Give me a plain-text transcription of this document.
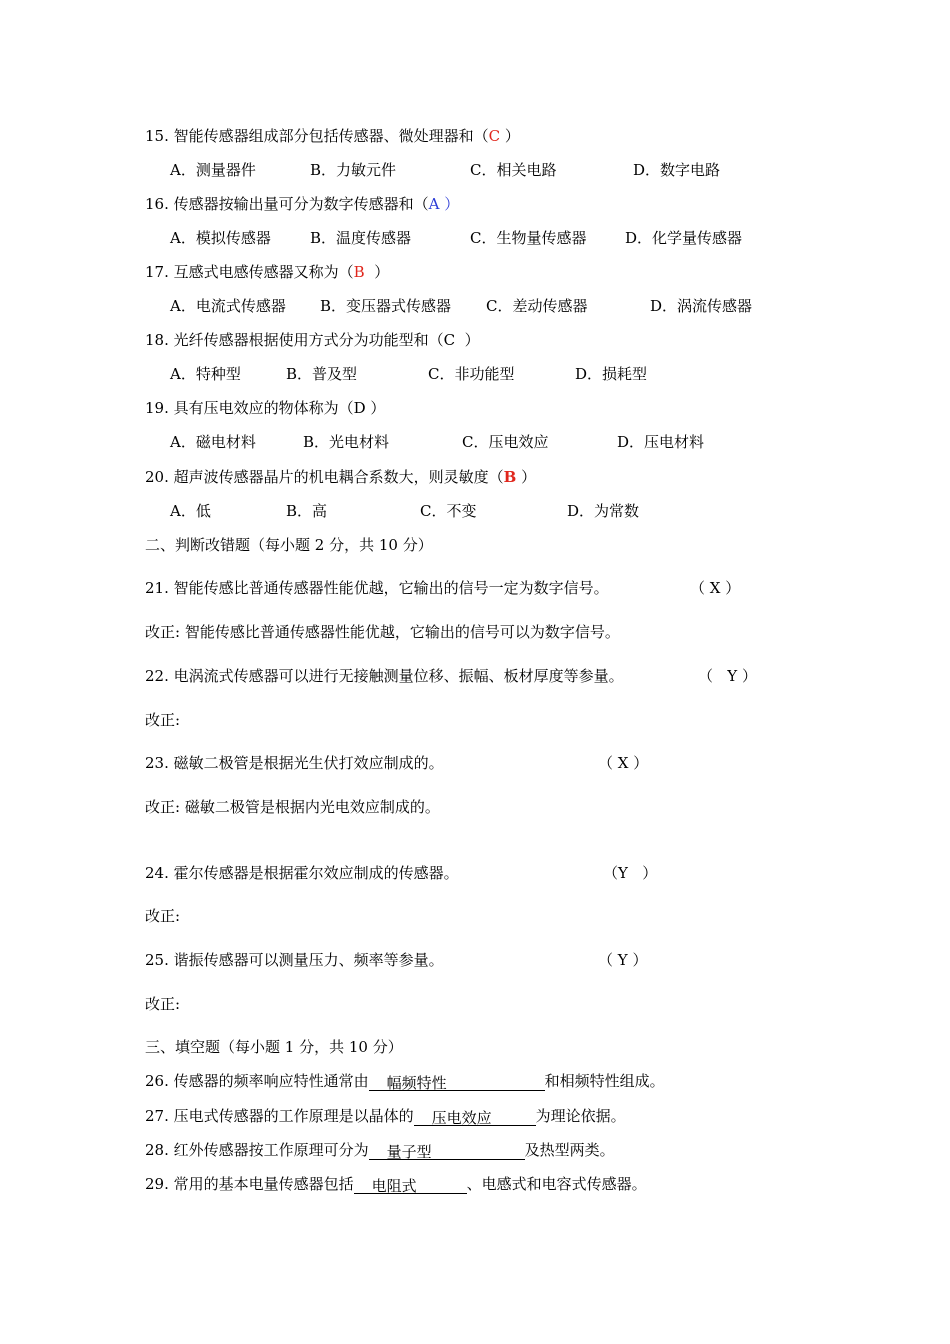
15. 智能传感器组成部分包括传感器、微处理器和（C ）
A．测量器件	B．力敏元件	C．相关电路	D．数字电路
16. 传感器按输出量可分为数字传感器和（A ）
A．模拟传感器	B．温度传感器	C．生物量传感器	D．化学量传感器
17. 互感式电感传感器又称为（B  ）
A．电流式传感器 B．变压器式传感器 C．差动传感器	D．涡流传感器
18. 光纤传感器根据使用方式分为功能型和（C  ）
A．特种型	B．普及型	C．非功能型	D．损耗型
19. 具有压电效应的物体称为（D ）
A．磁电材料	B．光电材料	C．压电效应	D．压电材料
20. 超声波传感器晶片的机电耦合系数大，则灵敏度（B ）
A．低	B．高	C．不变	D．为常数
二、判断改错题（每小题 2 分，共 10 分）
21. 智能传感比普通传感器性能优越，它输出的信号一定为数字信号。	（ X ）
改正: 智能传感比普通传感器性能优越，它输出的信号可以为数字信号。
22. 电涡流式传感器可以进行无接触测量位移、振幅、板材厚度等参量。	（   Y ）
改正:
23. 磁敏二极管是根据光生伏打效应制成的。	（ X ）
改正: 磁敏二极管是根据内光电效应制成的。
24. 霍尔传感器是根据霍尔效应制成的传感器。	（Y   ）
改正:
25. 谐振传感器可以测量压力、频率等参量。	（ Y ）
改正:
三、填空题（每小题 1 分，共 10 分）
26. 传感器的频率响应特性通常由 幅频特性	和相频特性组成。
27. 压电式传感器的工作原理是以晶体的 压电效应	为理论依据。
28. 红外传感器按工作原理可分为 量子型	及热型两类。
29. 常用的基本电量传感器包括 电阻式	、电感式和电容式传感器。
